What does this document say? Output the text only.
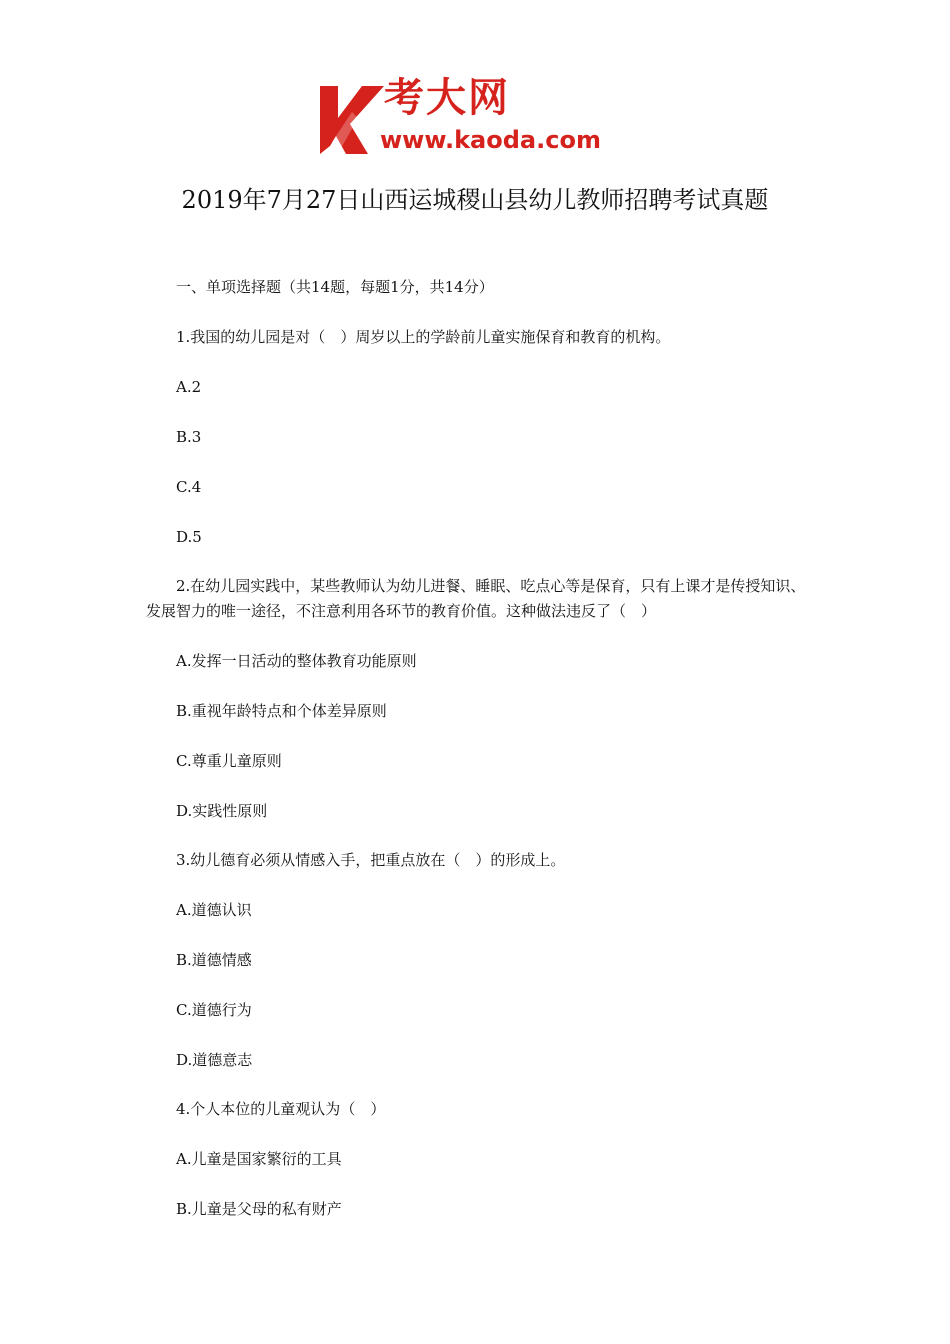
考大网
www.kaoda.com
2019年7月27日山西运城稷山县幼儿教师招聘考试真题
一、单项选择题（共14题，每题1分，共14分）
1.我国的幼儿园是对（　）周岁以上的学龄前儿童实施保育和教育的机构。
A.2
B.3
C.4
D.5
2.在幼儿园实践中，某些教师认为幼儿进餐、睡眠、吃点心等是保育，只有上课才是传授知识、发展智力的唯一途径，不注意利用各环节的教育价值。这种做法违反了（　）
A.发挥一日活动的整体教育功能原则
B.重视年龄特点和个体差异原则
C.尊重儿童原则
D.实践性原则
3.幼儿德育必须从情感入手，把重点放在（　）的形成上。
A.道德认识
B.道德情感
C.道德行为
D.道德意志
4.个人本位的儿童观认为（　）
A.儿童是国家繁衍的工具
B.儿童是父母的私有财产
